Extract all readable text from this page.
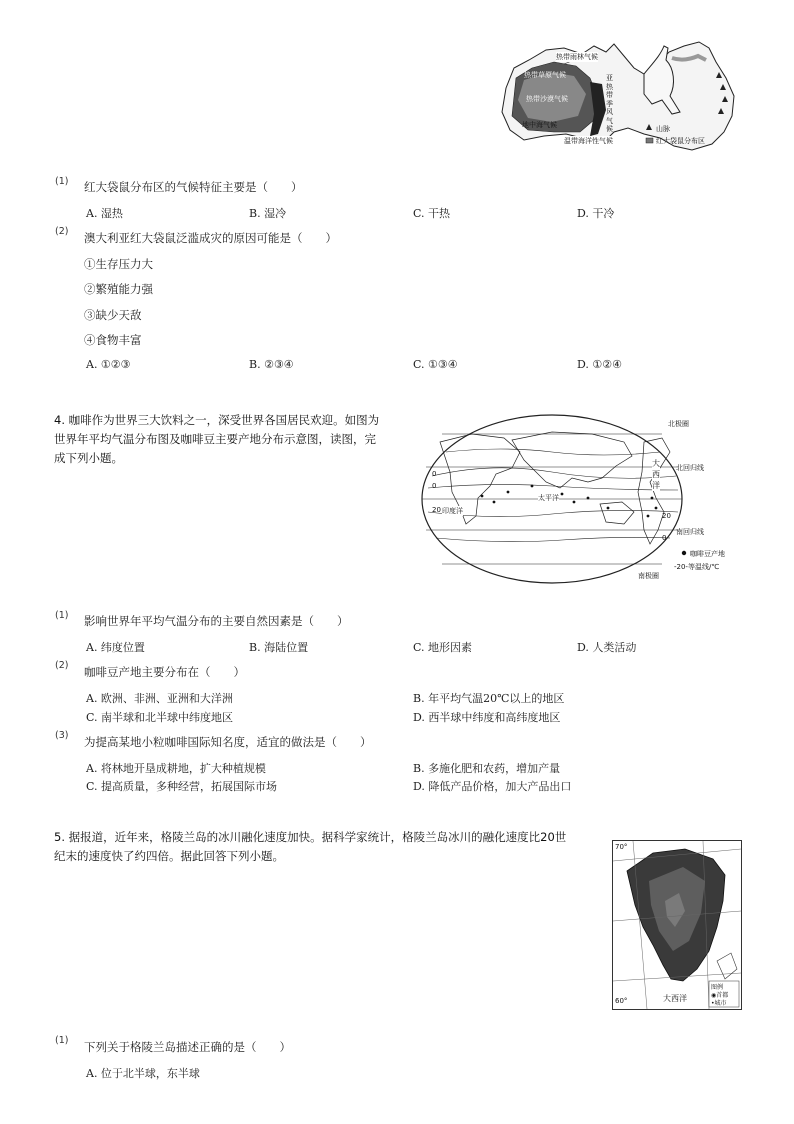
热带雨林气候
热带草原气候
热带沙漠气候
地中海气候
温带海洋性气候
亚
热
带
季
风
气
候	山脉
红大袋鼠分布区
(1) 红大袋鼠分布区的气候特征主要是（　　）
A. 湿热	B. 湿冷	C. 干热	D. 干冷
(2) 澳大利亚红大袋鼠泛滥成灾的原因可能是（　　）
①生存压力大
②繁殖能力强
③缺少天敌
④食物丰富
A. ①②③	B. ②③④	C. ①③④	D. ①②④
4. 咖啡作为世界三大饮料之一，深受世界各国居民欢迎。如图为
世界年平均气温分布图及咖啡豆主要产地分布示意图，读图，完
成下列小题。
北极圈
北回归线
南回归线
南极圈
太平洋
印度洋
大
西
洋
0
0
20
20
0
咖啡豆产地
-20-等温线/℃
(1) 影响世界年平均气温分布的主要自然因素是（　　）
A. 纬度位置	B. 海陆位置	C. 地形因素	D. 人类活动
(2) 咖啡豆产地主要分布在（　　）
A. 欧洲、非洲、亚洲和大洋洲	B. 年平均气温20℃以上的地区
C. 南半球和北半球中纬度地区	D. 西半球中纬度和高纬度地区
(3) 为提高某地小粒咖啡国际知名度，适宜的做法是（　　）
A. 将林地开垦成耕地，扩大种植规模	B. 多施化肥和农药，增加产量
C. 提高质量，多种经营，拓展国际市场	D. 降低产品价格，加大产品出口
5. 据报道，近年来，格陵兰岛的冰川融化速度加快。据科学家统计，格陵兰岛冰川的融化速度比20世
纪末的速度快了约四倍。据此回答下列小题。
70°
60°	大西洋
图例
◉首都
•城市
(1) 下列关于格陵兰岛描述正确的是（　　）
A. 位于北半球，东半球
